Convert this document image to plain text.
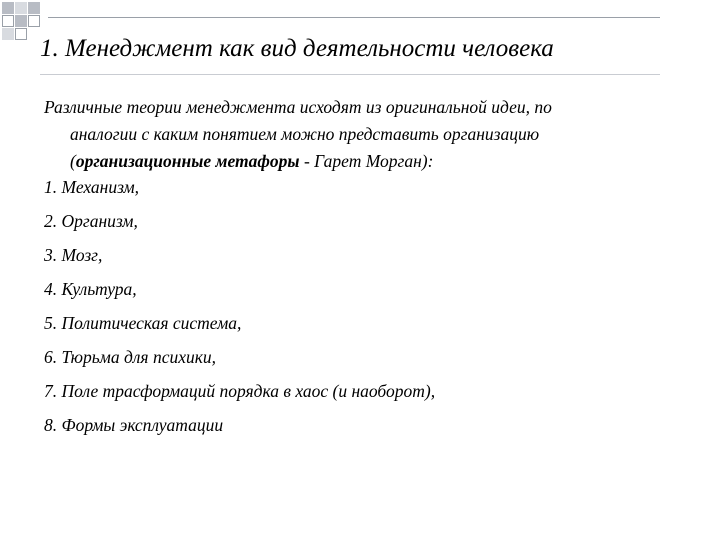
1. Менеджмент как вид деятельности человека
Различные теории менеджмента исходят из оригинальной идеи, по
аналогии с каким понятием можно представить организацию
(организационные метафоры - Гарет Морган):
1. Механизм,
2. Организм,
3. Мозг,
4. Культура,
5. Политическая система,
6. Тюрьма для психики,
7. Поле трасформаций порядка в хаос (и наоборот),
8. Формы эксплуатации
